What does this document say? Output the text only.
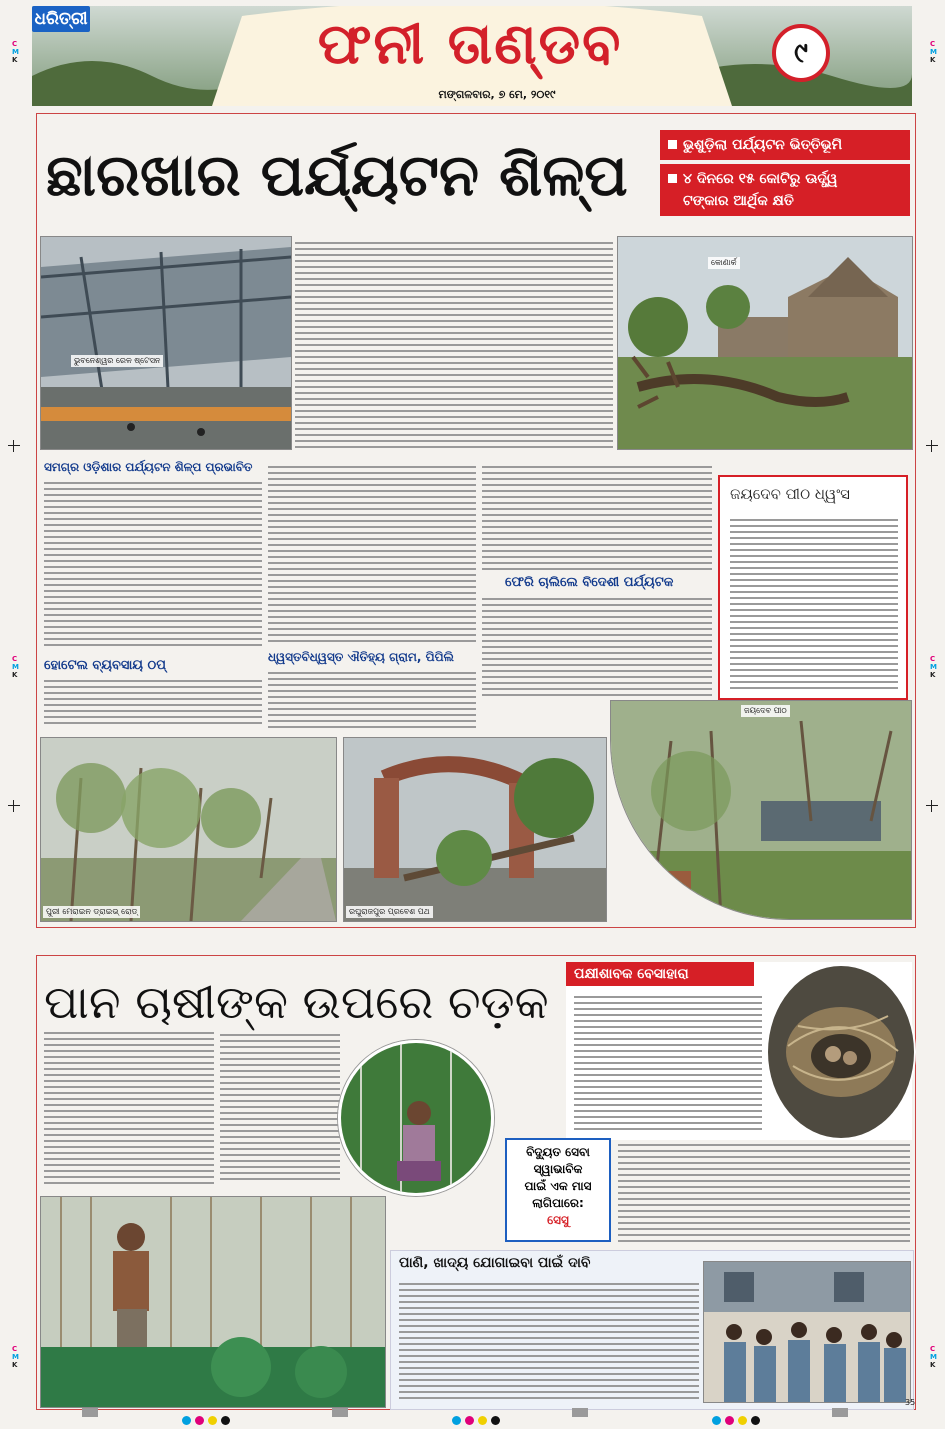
C
M
K
C
M
K
C
M
K
C
M
K
C
M
K
C
M
K
ଧରିତ୍ରୀ	ଫନୀ ତାଣ୍ଡବ
ମଙ୍ଗଳବାର, ୭ ମେ, ୨୦୧୯
୯
ଛାରଖାର ପର୍ଯ୍ୟଟନ ଶିଳ୍ପ	ଭୁଶୁଡ଼ିଲା ପର୍ଯ୍ୟଟନ ଭିତ୍ତିଭୂମି
୪ ଦିନରେ ୧୫ କୋଟିରୁ ଊର୍ଦ୍ଧ୍ୱ
ଟଙ୍କାର ଆର୍ଥିକ କ୍ଷତି
ଭୁବନେଶ୍ୱର ରେଳ ଷ୍ଟେସନ
କୋଣାର୍କ
ସମଗ୍ର ଓଡ଼ିଶାର ପର୍ଯ୍ୟଟନ ଶିଳ୍ପ ପ୍ରଭାବିତ
ହୋଟେଲ ବ୍ୟବସାୟ ଠପ୍
ଧ୍ୱସ୍ତବିଧ୍ୱସ୍ତ ଐତିହ୍ୟ ଗ୍ରାମ, ପିପିଲି
ଫେରି ଚାଲିଲେ ବିଦେଶୀ ପର୍ଯ୍ୟଟକ
ଜୟଦେବ ପୀଠ ଧ୍ୱଂସ
ପୁରୀ ମେରାଇନ ଡ୍ରାଇଭ୍ ରୋଡ୍	ରଘୁରାଜପୁର ପ୍ରବେଶ ପଥ
ଜୟଦେବ ପୀଠ
ପାନ ଚାଷୀଙ୍କ ଉପରେ ଚଡ଼କ
ପକ୍ଷୀଶାବକ ବେସାହାରା
ବିଦ୍ୟୁତ ସେବା
ସ୍ୱାଭାବିକ
ପାଇଁ ଏକ ମାସ
ଲାଗିପାରେ:
ସେସୁ
ପାଣି, ଖାଦ୍ୟ ଯୋଗାଇବା ପାଇଁ ଦାବି
35
